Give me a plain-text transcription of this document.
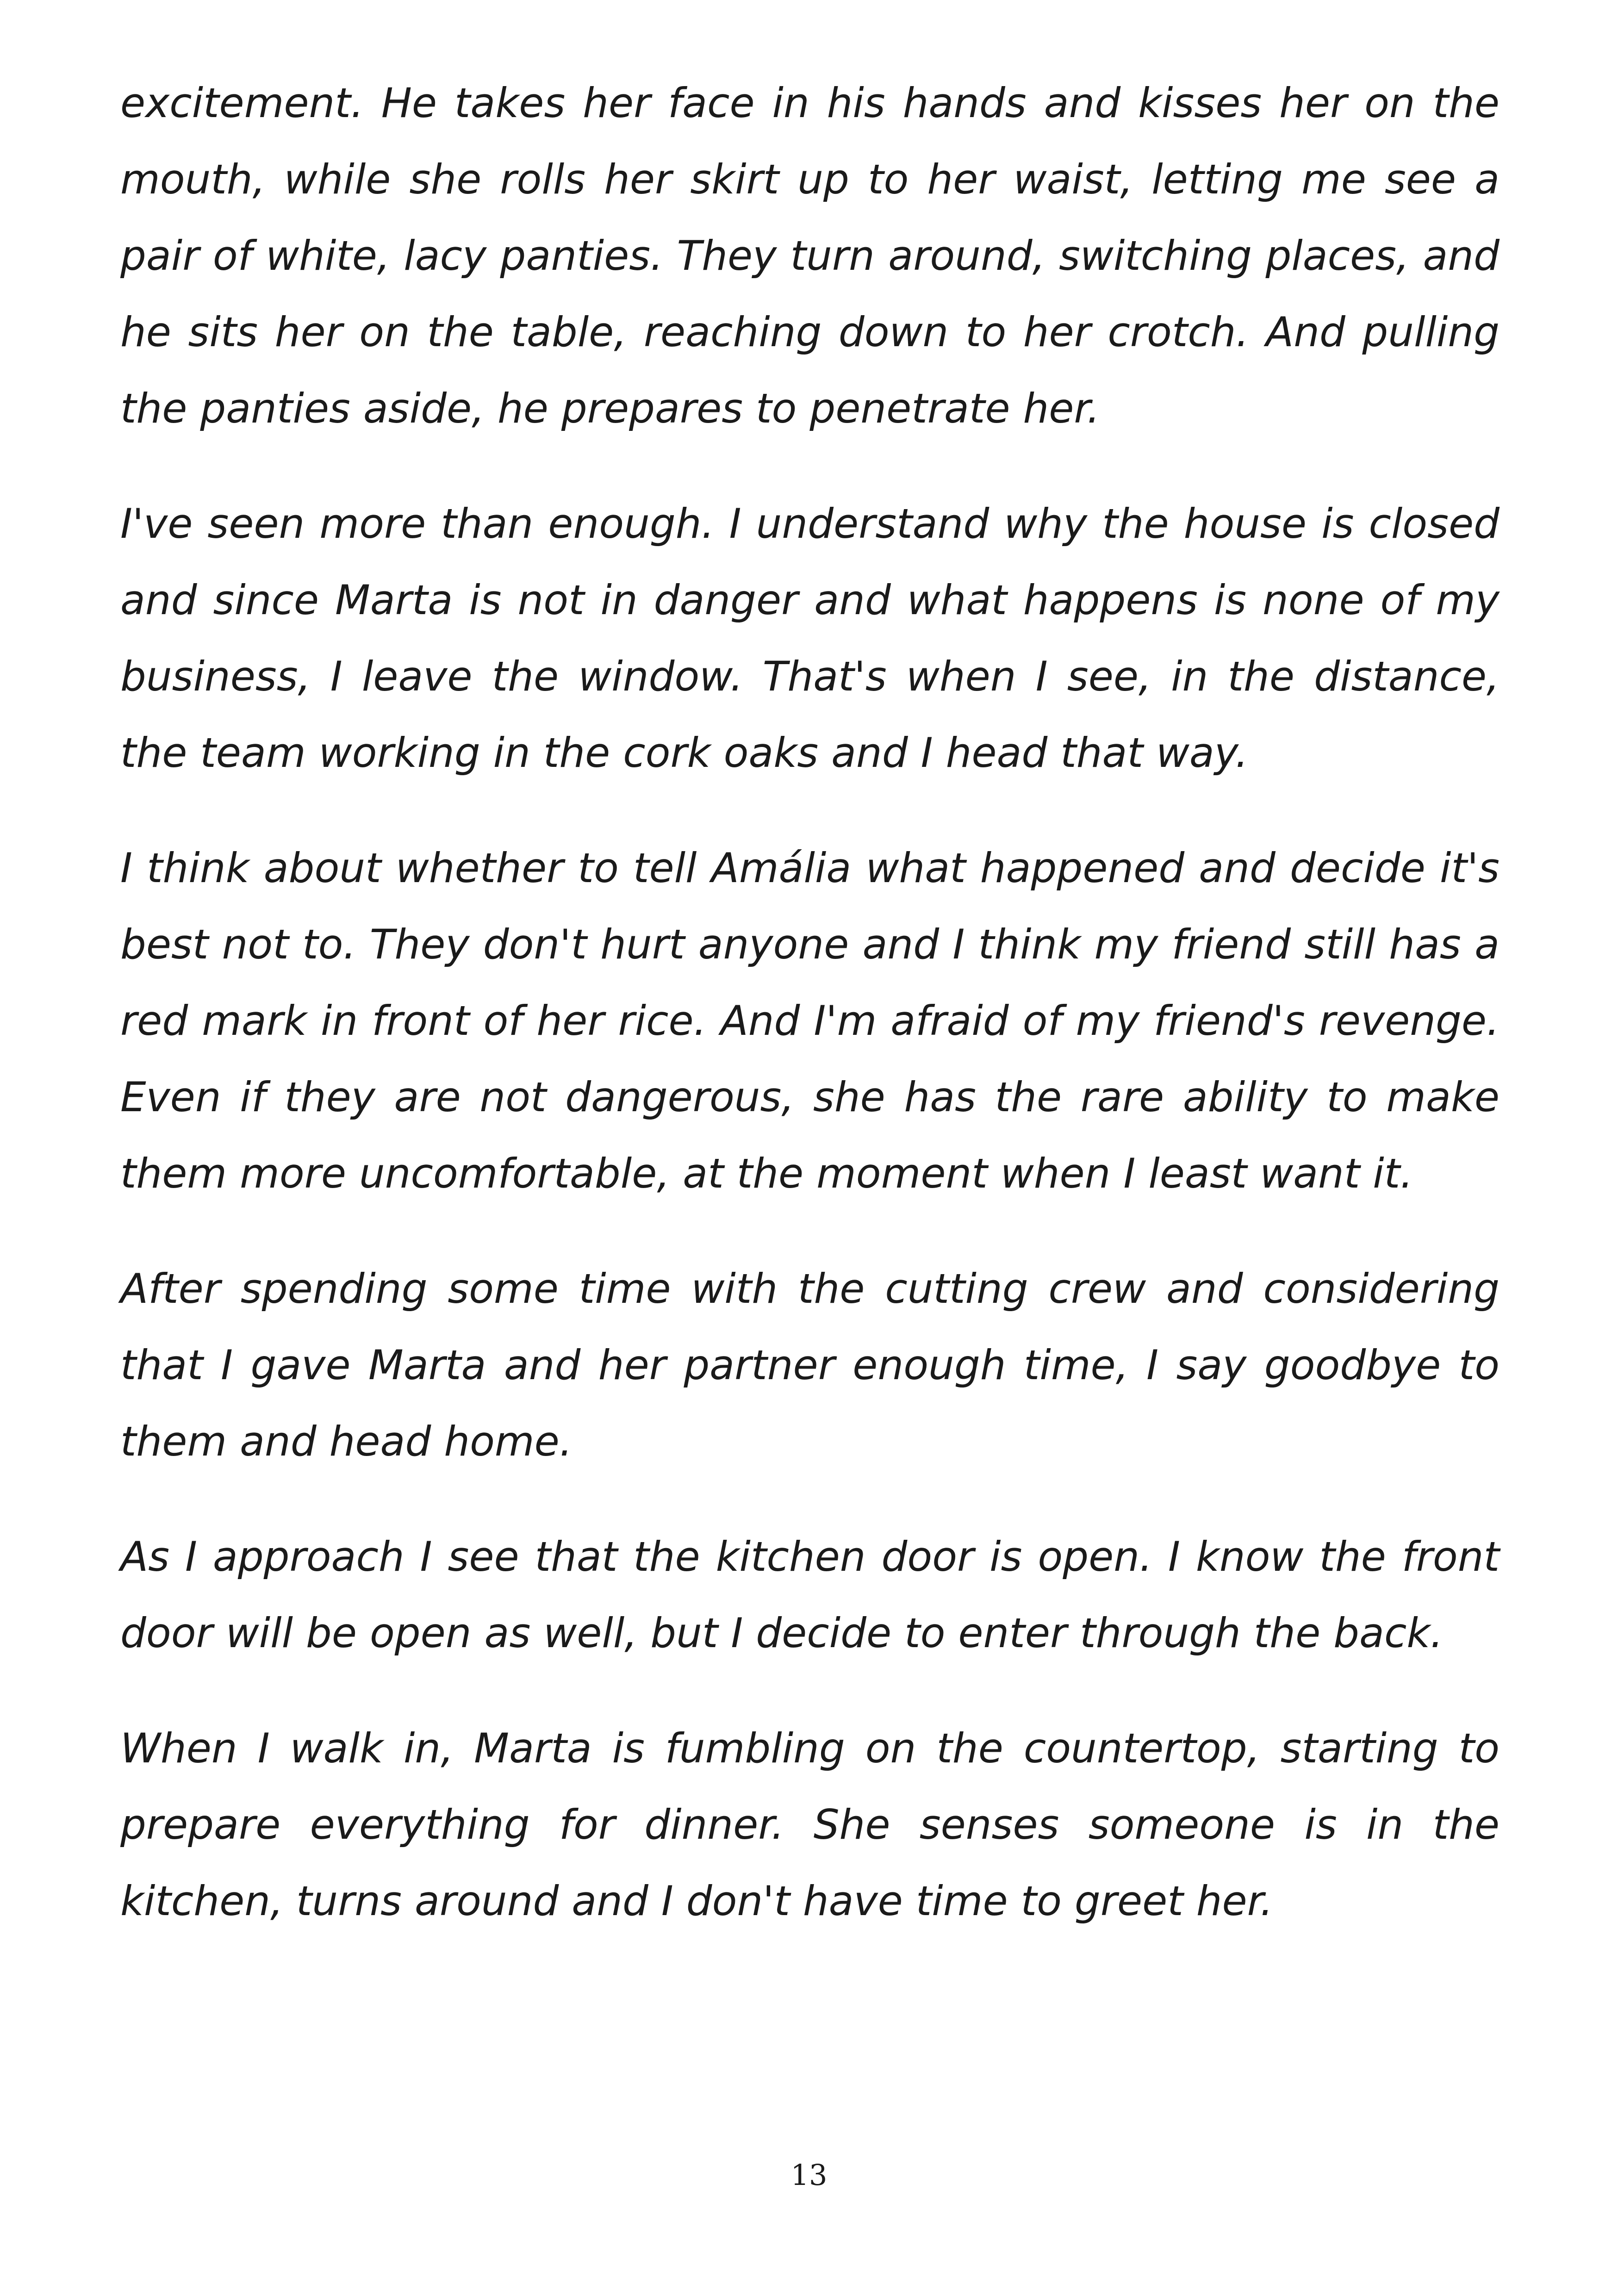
excitement. He takes her face in his hands and kisses her on the mouth, while she rolls her skirt up to her waist, letting me see a pair of white, lacy panties. They turn around, switching places, and he sits her on the table, reaching down to her crotch. And pulling the panties aside, he prepares to penetrate her.

I've seen more than enough. I understand why the house is closed and since Marta is not in danger and what happens is none of my business, I leave the window. That's when I see, in the distance, the team working in the cork oaks and I head that way.

I think about whether to tell Amália what happened and decide it's best not to. They don't hurt anyone and I think my friend still has a red mark in front of her rice. And I'm afraid of my friend's revenge. Even if they are not dangerous, she has the rare ability to make them more uncomfortable, at the moment when I least want it.

After spending some time with the cutting crew and considering that I gave Marta and her partner enough time, I say goodbye to them and head home.

As I approach I see that the kitchen door is open. I know the front door will be open as well, but I decide to enter through the back.

When I walk in, Marta is fumbling on the countertop, starting to prepare everything for dinner. She senses someone is in the kitchen, turns around and I don't have time to greet her.

13
